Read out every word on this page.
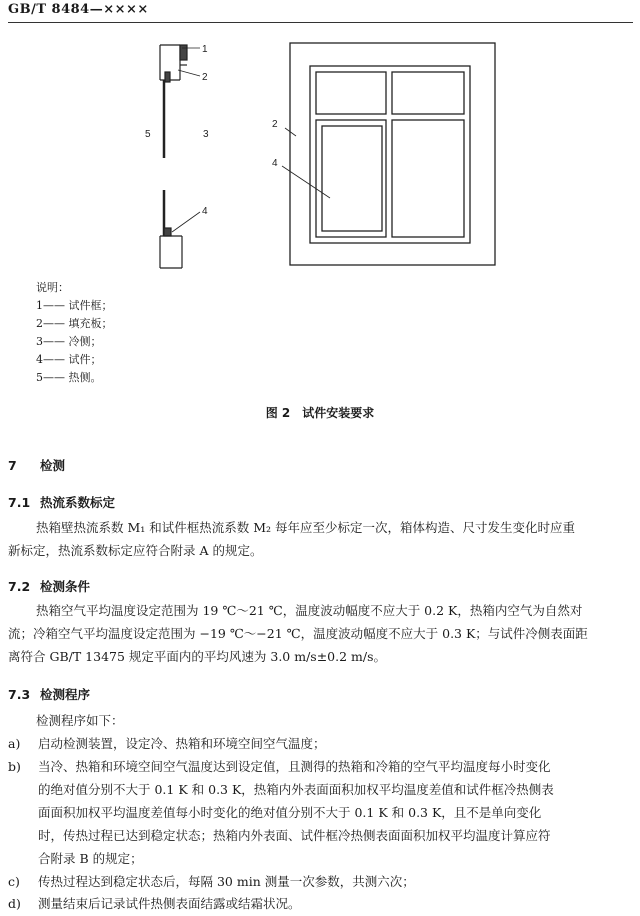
GB/T 8484—××××
1
2
5	3
4
2
4
说明：
1—— 试件框；
2—— 填充板；
3—— 冷侧；
4—— 试件；
5—— 热侧。
图 2　试件安装要求
7 检测
7.1 热流系数标定
热箱壁热流系数 M₁ 和试件框热流系数 M₂ 每年应至少标定一次，箱体构造、尺寸发生变化时应重
新标定，热流系数标定应符合附录 A 的规定。
7.2 检测条件
热箱空气平均温度设定范围为 19 ℃～21 ℃，温度波动幅度不应大于 0.2 K，热箱内空气为自然对
流；冷箱空气平均温度设定范围为 −19 ℃～−21 ℃，温度波动幅度不应大于 0.3 K；与试件冷侧表面距
离符合 GB/T 13475 规定平面内的平均风速为 3.0 m/s±0.2 m/s。
7.3 检测程序
检测程序如下：
a) 启动检测装置，设定冷、热箱和环境空间空气温度；
b) 当冷、热箱和环境空间空气温度达到设定值，且测得的热箱和冷箱的空气平均温度每小时变化
的绝对值分别不大于 0.1 K 和 0.3 K，热箱内外表面面积加权平均温度差值和试件框冷热侧表
面面积加权平均温度差值每小时变化的绝对值分别不大于 0.1 K 和 0.3 K，且不是单向变化
时，传热过程已达到稳定状态；热箱内外表面、试件框冷热侧表面面积加权平均温度计算应符
合附录 B 的规定；
c) 传热过程达到稳定状态后，每隔 30 min 测量一次参数，共测六次；
d) 测量结束后记录试件热侧表面结露或结霜状况。
